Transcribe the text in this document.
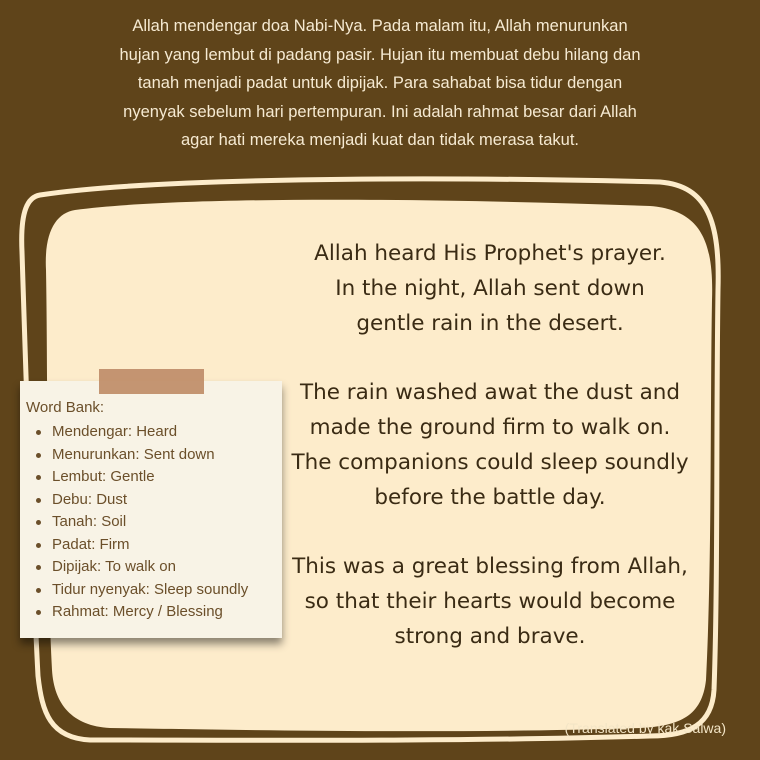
Allah mendengar doa Nabi-Nya. Pada malam itu, Allah menurunkan
hujan yang lembut di padang pasir. Hujan itu membuat debu hilang dan
tanah menjadi padat untuk dipijak. Para sahabat bisa tidur dengan
nyenyak sebelum hari pertempuran. Ini adalah rahmat besar dari Allah
agar hati mereka menjadi kuat dan tidak merasa takut.

Allah heard His Prophet's prayer.
In the night, Allah sent down
gentle rain in the desert.

The rain washed awat the dust and
made the ground firm to walk on.
The companions could sleep soundly
before the battle day.

This was a great blessing from Allah,
so that their hearts would become
strong and brave.

Word Bank:
Mendengar: Heard
Menurunkan: Sent down
Lembut: Gentle
Debu: Dust
Tanah: Soil
Padat: Firm
Dipijak: To walk on
Tidur nyenyak: Sleep soundly
Rahmat: Mercy / Blessing
(Translated by kak Salwa)
